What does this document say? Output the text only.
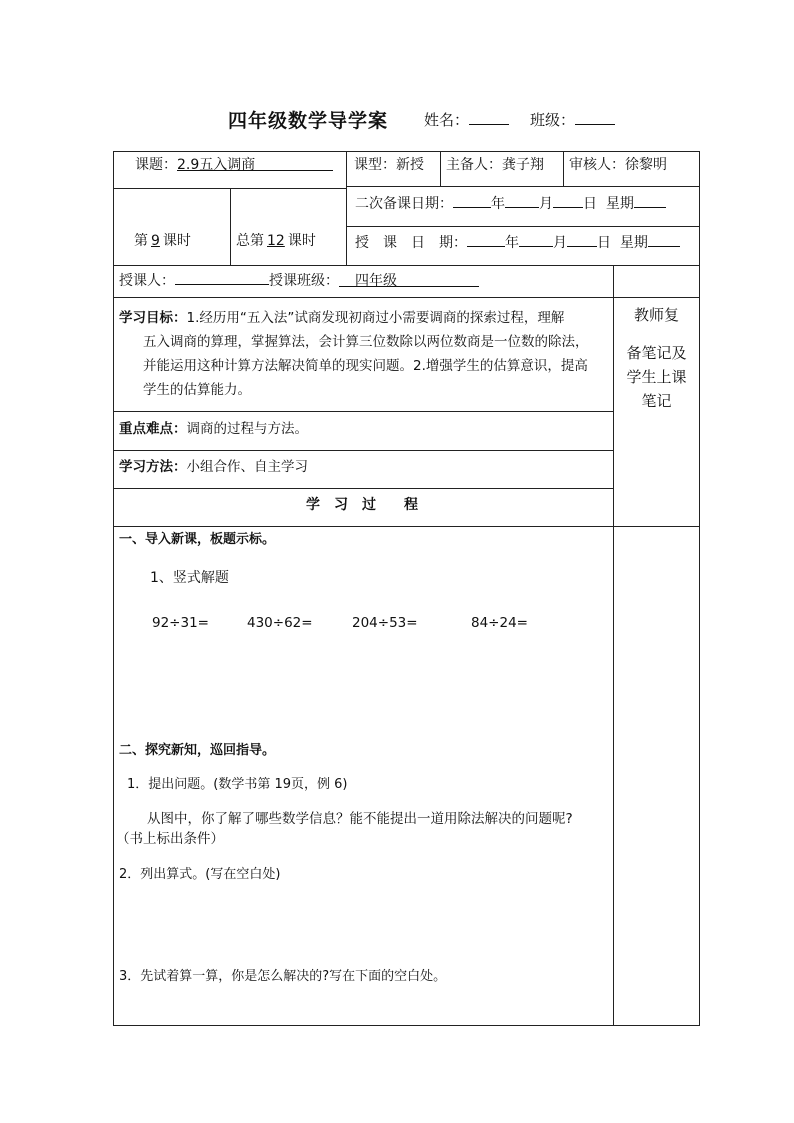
四年级数学导学案 姓名：	班级：
课题：2.9五入调商	课型：新授 主备人：龚子翔 审核人：徐黎明
第 9 课时	总第 12 课时
二次备课日期：	年 月 日 星期
授　课　日　期：	年 月 日 星期
授课人：	授课班级： 四年级
学习目标：1.经历用“五入法”试商发现初商过小需要调商的探索过程，理解
五入调商的算理，掌握算法，会计算三位数除以两位数商是一位数的除法，
并能运用这种计算方法解决简单的现实问题。2.增强学生的估算意识，提高
学生的估算能力。
教师复
备笔记及
学生上课
笔记
重点难点：调商的过程与方法。
学习方法：小组合作、自主学习
学　习　过　　程
一、导入新课，板题示标。
1、竖式解题
92÷31=	430÷62=	204÷53=	84÷24=
二、探究新知，巡回指导。
1．提出问题。(数学书第 19页，例 6)
从图中，你了解了哪些数学信息？能不能提出一道用除法解决的问题呢?
（书上标出条件）
2．列出算式。(写在空白处)
3．先试着算一算，你是怎么解决的?写在下面的空白处。
